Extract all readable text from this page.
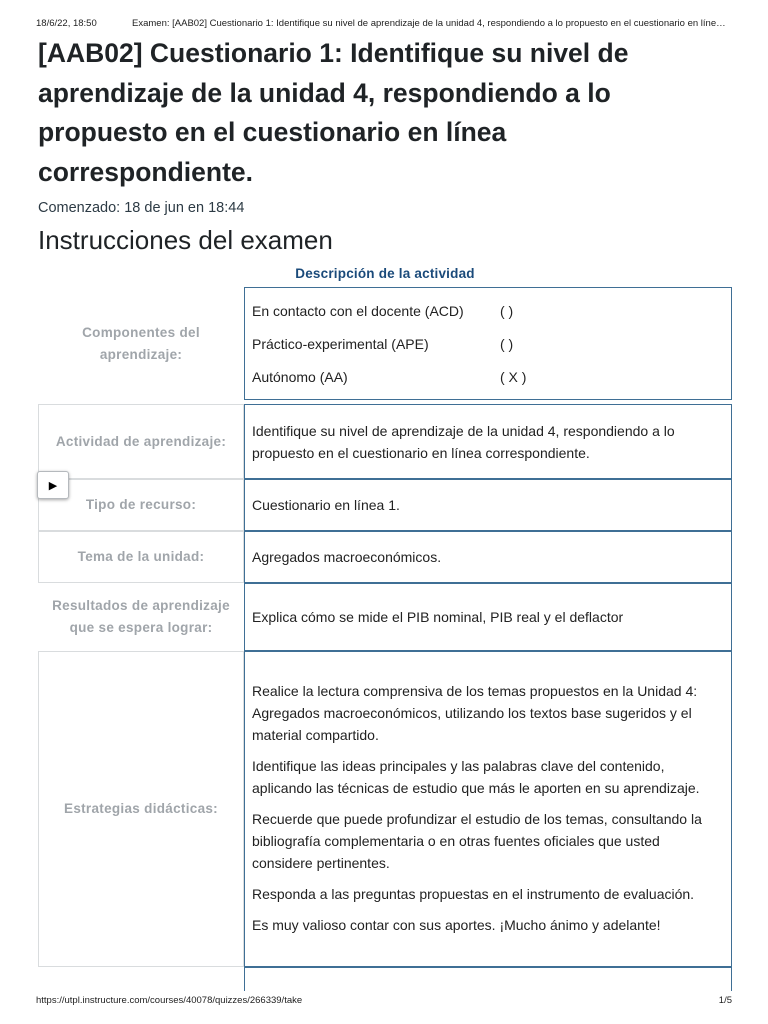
18/6/22, 18:50	Examen: [AAB02] Cuestionario 1: Identifique su nivel de aprendizaje de la unidad 4, respondiendo a lo propuesto en el cuestionario en líne…
[AAB02] Cuestionario 1: Identifique su nivel de aprendizaje de la unidad 4, respondiendo a lo propuesto en el cuestionario en línea correspondiente.
Comenzado: 18 de jun en 18:44
Instrucciones del examen
Descripción de la actividad
Componentes del aprendizaje:
En contacto con el docente (ACD)	( )
Práctico-experimental (APE)	( )
Autónomo (AA)	( X )
Actividad de aprendizaje:

Identifique su nivel de aprendizaje de la unidad 4, respondiendo a lo propuesto en el cuestionario en línea correspondiente.

Tipo de recurso:	Cuestionario en línea 1.

Tema de la unidad:	Agregados macroeconómicos.

Resultados de aprendizaje que se espera lograr:

Explica cómo se mide el PIB nominal, PIB real y el deflactor

Estrategias didácticas:

Realice la lectura comprensiva de los temas propuestos en la Unidad 4: Agregados macroeconómicos, utilizando los textos base sugeridos y el material compartido.

Identifique las ideas principales y las palabras clave del contenido, aplicando las técnicas de estudio que más le aporten en su aprendizaje.

Recuerde que puede profundizar el estudio de los temas, consultando la bibliografía complementaria o en otras fuentes oficiales que usted considere pertinentes.

Responda a las preguntas propuestas en el instrumento de evaluación.

Es muy valioso contar con sus aportes. ¡Mucho ánimo y adelante!

▶
https://utpl.instructure.com/courses/40078/quizzes/266339/take	1/5
